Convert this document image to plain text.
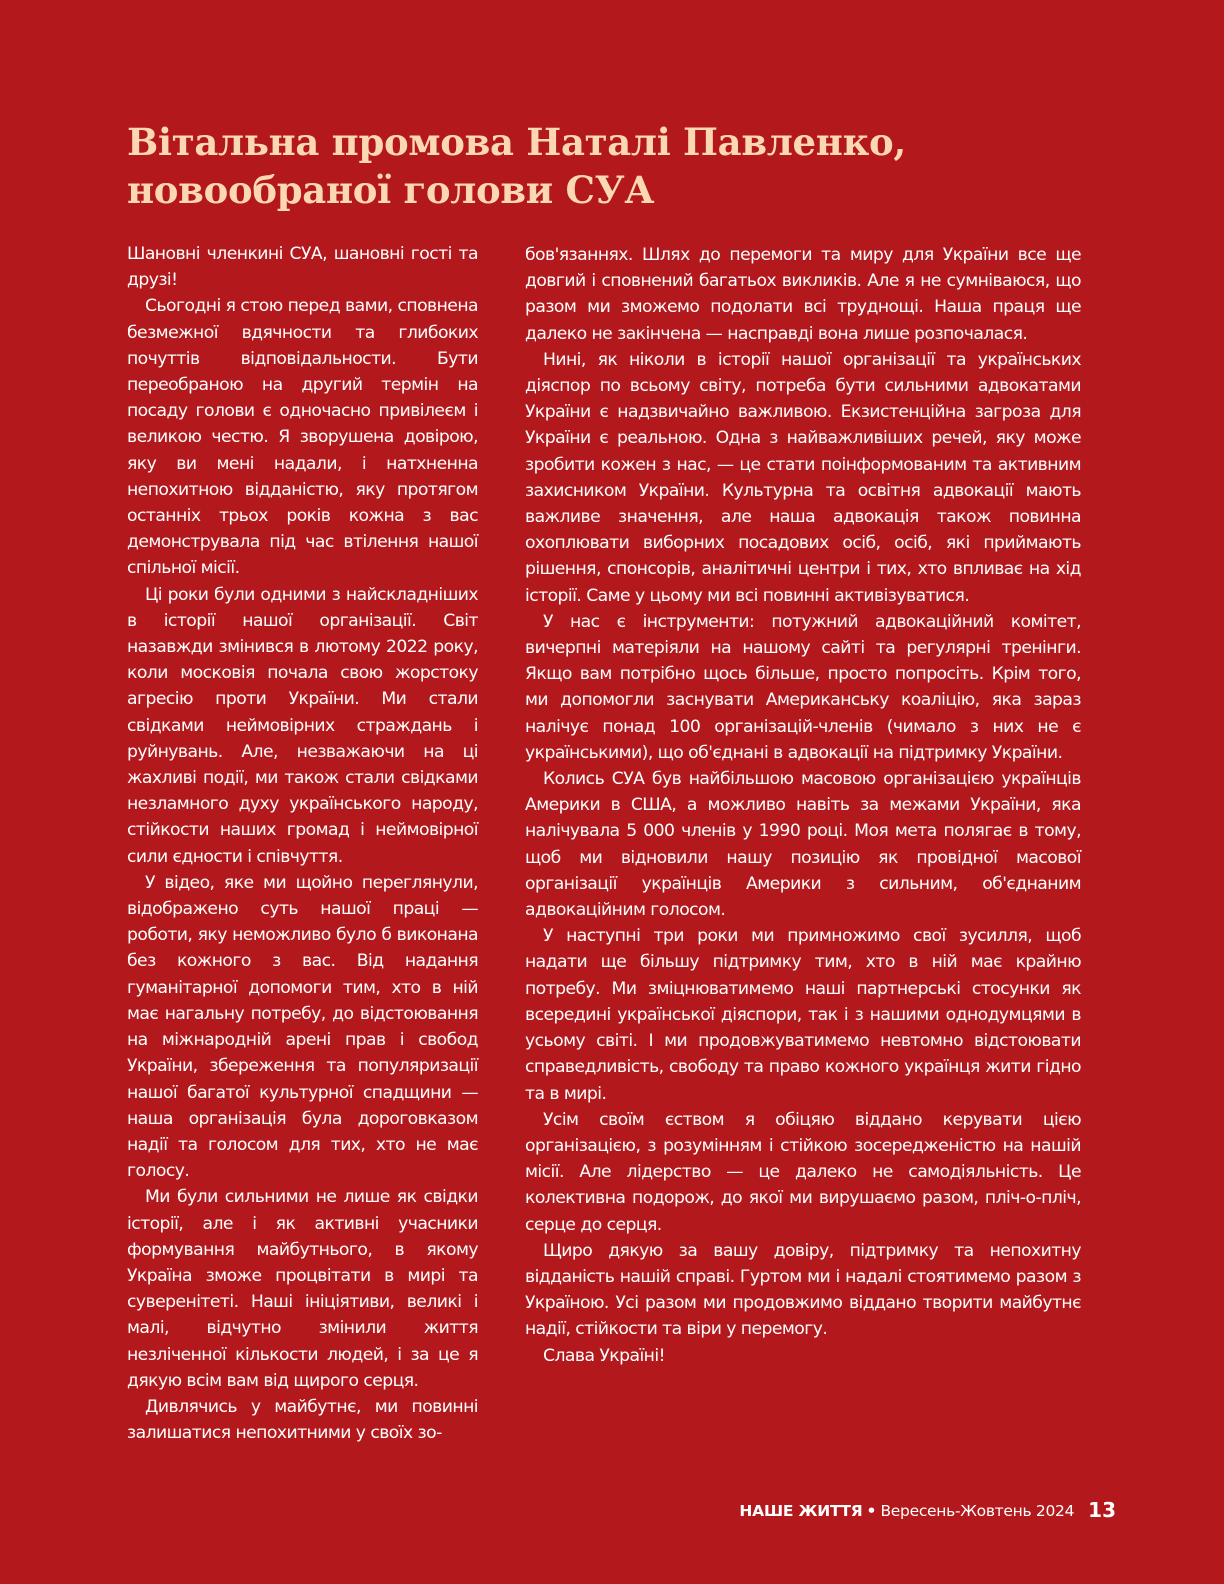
Вітальна промова Наталі Павленко,
новообраної голови СУА

Шановні членкині СУА, шановні гості та друзі!

Сьогодні я стою перед вами, сповнена безмежної вдячности та глибоких почуттів відповідальности. Бути переобраною на другий термін на посаду голови є одночасно привілеєм і великою честю. Я зворушена довірою, яку ви мені надали, і натхненна непохитною відданістю, яку протягом останніх трьох років кожна з вас демонструвала під час втілення нашої спільної місії.

Ці роки були одними з найскладніших в історії нашої організації. Світ назавжди змінився в лютому 2022 року, коли московія почала свою жорстоку агресію проти України. Ми стали свідками неймовірних страждань і руйнувань. Але, незважаючи на ці жахливі події, ми також стали свідками незламного духу українського народу, стійкости наших громад і неймовірної сили єдности і співчуття.

У відео, яке ми щойно переглянули, відображено суть нашої праці — роботи, яку неможливо було б виконана без кожного з вас. Від надання гуманітарної допомоги тим, хто в ній має нагальну потребу, до відстоювання на міжнародній арені прав і свобод України, збереження та популяризації нашої багатої культурної спадщини — наша організація була дороговказом надії та голосом для тих, хто не має голосу.

Ми були сильними не лише як свідки історії, але і як активні учасники формування майбутнього, в якому Україна зможе процвітати в мирі та суверенітеті. Наші ініціятиви, великі і малі, відчутно змінили життя незліченної кількости людей, і за це я дякую всім вам від щирого серця.

Дивлячись у майбутнє, ми повинні залишатися непохитними у своїх зо-

бов'язаннях. Шлях до перемоги та миру для України все ще довгий і сповнений багатьох викликів. Але я не сумніваюся, що разом ми зможемо подолати всі труднощі. Наша праця ще далеко не закінчена — насправді вона лише розпочалася.

Нині, як ніколи в історії нашої організації та українських діяспор по всьому світу, потреба бути сильними адвокатами України є надзвичайно важливою. Екзистенційна загроза для України є реальною. Одна з найважливіших речей, яку може зробити кожен з нас, — це стати поінформованим та активним захисником України. Культурна та освітня адвокації мають важливе значення, але наша адвокація також повинна охоплювати виборних посадових осіб, осіб, які приймають рішення, спонсорів, аналітичні центри і тих, хто впливає на хід історії. Саме у цьому ми всі повинні активізуватися.

У нас є інструменти: потужний адвокаційний комітет, вичерпні матеріяли на нашому сайті та регулярні тренінги. Якщо вам потрібно щось більше, просто попросіть. Крім того, ми допомогли заснувати Американську коаліцію, яка зараз налічує понад 100 організацій-членів (чимало з них не є українськими), що об'єднані в адвокації на підтримку України.

Колись СУА був найбільшою масовою організацією українців Америки в США, а можливо навіть за межами України, яка налічувала 5 000 членів у 1990 році. Моя мета полягає в тому, щоб ми відновили нашу позицію як провідної масової організації українців Америки з сильним, об'єднаним адвокаційним голосом.

У наступні три роки ми примножимо свої зусилля, щоб надати ще більшу підтримку тим, хто в ній має крайню потребу. Ми зміцнюватимемо наші партнерські стосунки як всередині української діяспори, так і з нашими однодумцями в усьому світі. І ми продовжуватимемо невтомно відстоювати справедливість, свободу та право кожного українця жити гідно та в мирі.

Усім своїм єством я обіцяю віддано керувати цією організацією, з розумінням і стійкою зосередженістю на нашій місії. Але лідерство — це далеко не самодіяльність. Це колективна подорож, до якої ми вирушаємо разом, пліч-о-пліч, серце до серця.

Щиро дякую за вашу довіру, підтримку та непохитну відданість нашій справі. Гуртом ми і надалі стоятимемо разом з Україною. Усі разом ми продовжимо віддано творити майбутнє надії, стійкости та віри у перемогу.

Слава Україні!

НАШЕ ЖИТТЯ • Вересень-Жовтень 2024 13
